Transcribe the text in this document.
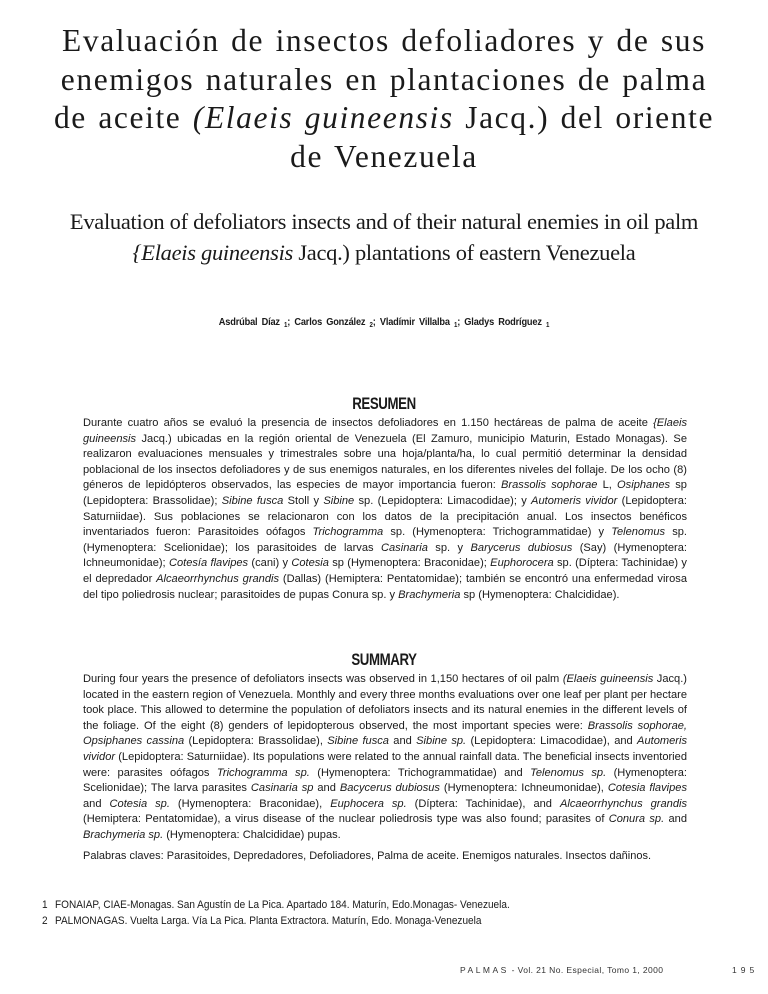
Evaluación de insectos defoliadores y de sus enemigos naturales en plantaciones de palma de aceite (Elaeis guineensis Jacq.) del oriente de Venezuela
Evaluation of defoliators insects and of their natural enemies in oil palm
{Elaeis guineensis Jacq.) plantations of eastern Venezuela
Asdrúbal Díaz $_1$; Carlos González $_2$; Vladímir Villalba $_1$; Gladys Rodríguez $_1$
RESUMEN

Durante cuatro años se evaluó la presencia de insectos defoliadores en 1.150 hectáreas de palma de aceite {Elaeis guineensis Jacq.) ubicadas en la región oriental de Venezuela (El Zamuro, municipio Maturin, Estado Monagas). Se realizaron evaluaciones mensuales y trimestrales sobre una hoja/planta/ha, lo cual permitió determinar la densidad poblacional de los insectos defoliadores y de sus enemigos naturales, en los diferentes niveles del follaje. De los ocho (8) géneros de lepidópteros observados, las especies de mayor importancia fueron: Brassolis sophorae L, Osiphanes sp (Lepidoptera: Brassolidae); Sibine fusca Stoll y Sibine sp. (Lepidoptera: Limacodidae); y Automeris vividor (Lepidoptera: Saturniidae). Sus poblaciones se relacionaron con los datos de la precipitación anual. Los insectos benéficos inventariados fueron: Parasitoides oófagos Trichogramma sp. (Hymenoptera: Trichogrammatidae) y Telenomus sp. (Hymenoptera: Scelionidae); los parasitoides de larvas Casinaria sp. y Barycerus dubiosus (Say) (Hymenoptera: Ichneumonidae); Cotesía flavipes (cani) y Cotesia sp (Hymenoptera: Braconidae); Euphorocera sp. (Díptera: Tachinidae) y el depredador Alcaeorrhynchus grandis (Dallas) (Hemiptera: Pentatomidae); también se encontró una enfermedad virosa del tipo poliedrosis nuclear; parasitoides de pupas Conura sp. y Brachymeria sp (Hymenoptera: Chalcididae).

SUMMARY

During four years the presence of defoliators insects was observed in 1,150 hectares of oil palm (Elaeis guineensis Jacq.) located in the eastern region of Venezuela. Monthly and every three months evaluations over one leaf per plant per hectare took place. This allowed to determine the population of defoliators insects and its natural enemies in the different levels of the foliage. Of the eight (8) genders of lepidopterous observed, the most important species were: Brassolis sophorae, Opsiphanes cassina (Lepidoptera: Brassolidae), Sibine fusca and Sibine sp. (Lepidoptera: Limacodidae), and Automeris vividor (Lepidoptera: Saturniidae). Its populations were related to the annual rainfall data. The beneficial insects inventoried were: parasites oófagos Trichogramma sp. (Hymenoptera: Trichogrammatidae) and Telenomus sp. (Hymenoptera: Scelionidae); The larva parasites Casinaria sp and Bacycerus dubiosus (Hymenoptera: Ichneumonidae), Cotesia flavipes and Cotesia sp. (Hymenoptera: Braconidae), Euphocera sp. (Díptera: Tachinidae), and Alcaeorrhynchus grandis (Hemiptera: Pentatomidae), a virus disease of the nuclear poliedrosis type was also found; parasites of Conura sp. and Brachymeria sp. (Hymenoptera: Chalcididae) pupas.

Palabras claves: Parasitoides, Depredadores, Defoliadores, Palma de aceite. Enemigos naturales. Insectos dañinos.
1 FONAIAP, CIAE-Monagas. San Agustín de La Pica. Apartado 184. Maturín, Edo.Monagas- Venezuela.
2 PALMONAGAS. Vuelta Larga. Vía La Pica. Planta Extractora. Maturín, Edo. Monaga-Venezuela
PALMAS - Vol. 21 No. Especial, Tomo 1, 2000	195
